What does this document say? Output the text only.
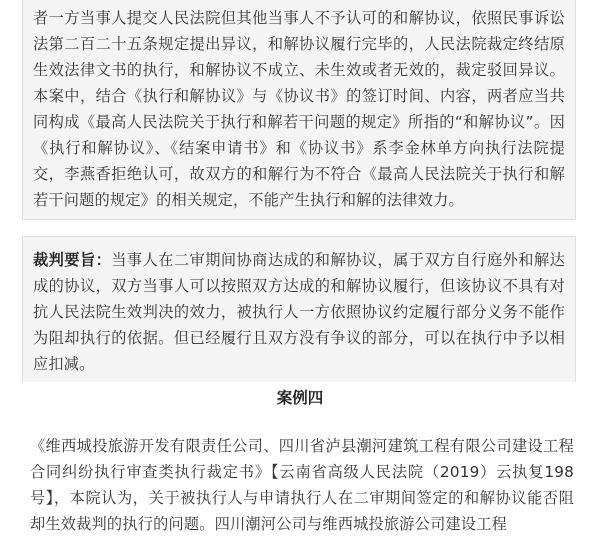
者一方当事人提交人民法院但其他当事人不予认可的和解协议，依照民事诉讼法第二百二十五条规定提出异议，和解协议履行完毕的，人民法院裁定终结原生效法律文书的执行，和解协议不成立、未生效或者无效的，裁定驳回异议。本案中，结合《执行和解协议》与《协议书》的签订时间、内容，两者应当共同构成《最高人民法院关于执行和解若干问题的规定》所指的“和解协议”。因《执行和解协议》、《结案申请书》和《协议书》系李金林单方向执行法院提交，李燕香拒绝认可，故双方的和解行为不符合《最高人民法院关于执行和解若干问题的规定》的相关规定，不能产生执行和解的法律效力。

裁判要旨：当事人在二审期间协商达成的和解协议，属于双方自行庭外和解达成的协议，双方当事人可以按照双方达成的和解协议履行，但该协议不具有对抗人民法院生效判决的效力，被执行人一方依照协议约定履行部分义务不能作为阻却执行的依据。但已经履行且双方没有争议的部分，可以在执行中予以相应扣减。

案例四

《维西城投旅游开发有限责任公司、四川省泸县潮河建筑工程有限公司建设工程合同纠纷执行审查类执行裁定书》【云南省高级人民法院（2019）云执复198号】，本院认为，关于被执行人与申请执行人在二审期间签定的和解协议能否阻却生效裁判的执行的问题。四川潮河公司与维西城投旅游公司建设工程
